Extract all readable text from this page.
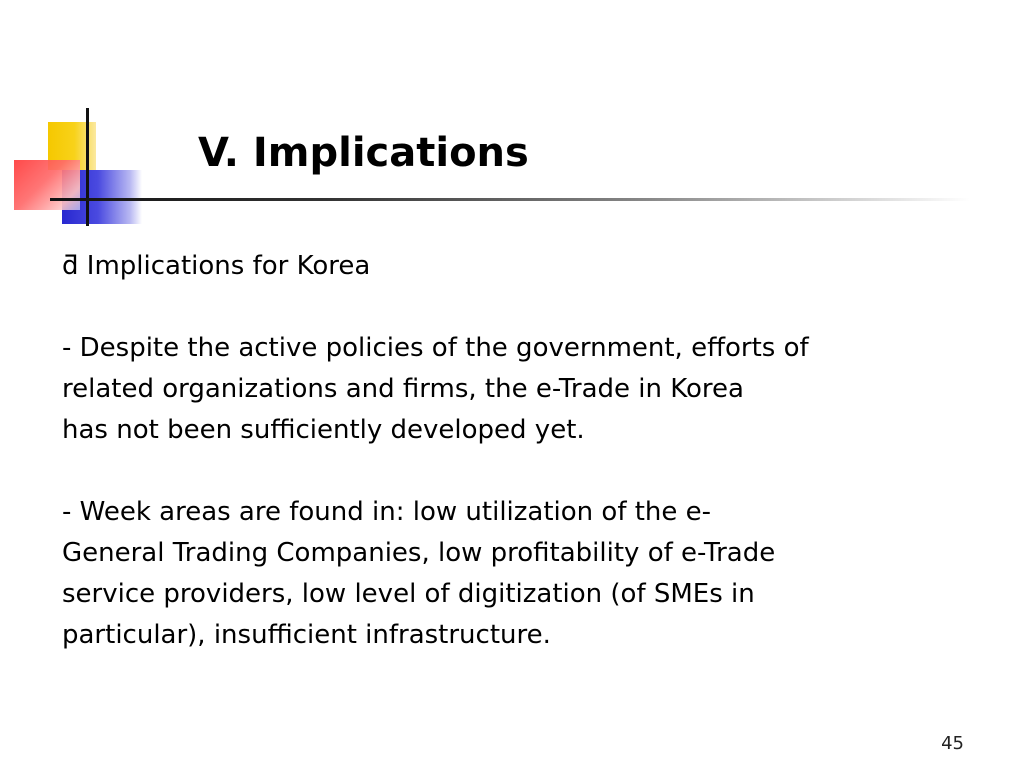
V. Implications
ƌ Implications for Korea
- Despite the active policies of the government, efforts of
related organizations and firms, the e-Trade in Korea
has not been sufficiently developed yet.
- Week areas are found in: low utilization of the e-
General Trading Companies, low profitability of e-Trade
service providers, low level of digitization (of SMEs in
particular), insufficient infrastructure.
45
